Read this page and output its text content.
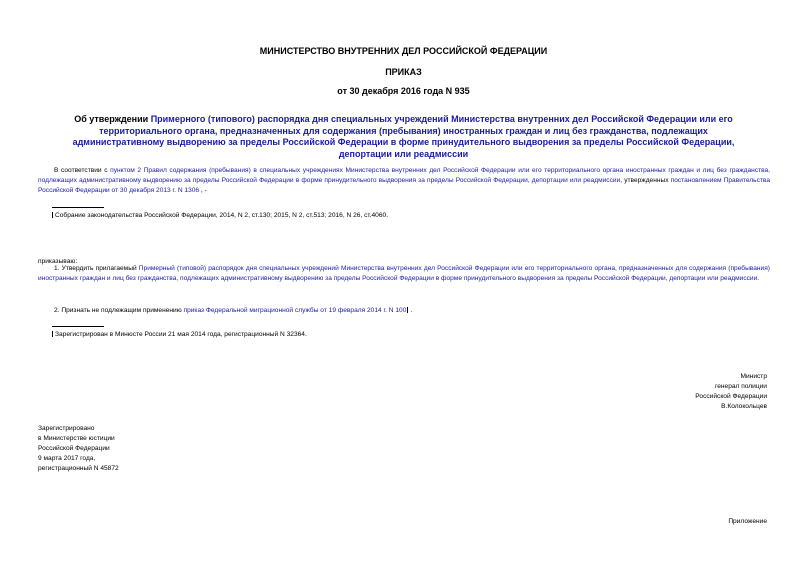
МИНИСТЕРСТВО ВНУТРЕННИХ ДЕЛ РОССИЙСКОЙ ФЕДЕРАЦИИ
ПРИКАЗ
от 30 декабря 2016 года N 935
Об утверждении Примерного (типового) распорядка дня специальных учреждений Министерства внутренних дел Российской Федерации или его территориального органа, предназначенных для содержания (пребывания) иностранных граждан и лиц без гражданства, подлежащих административному выдворению за пределы Российской Федерации в форме принудительного выдворения за пределы Российской Федерации, депортации или реадмиссии
В соответствии с пунктом 2 Правил содержания (пребывания) в специальных учреждениях Министерства внутренних дел Российской Федерации или его территориального органа иностранных граждан и лиц без гражданства, подлежащих административному выдворению за пределы Российской Федерации в форме принудительного выдворения за пределы Российской Федерации, депортации или реадмиссии, утвержденных постановлением Правительства Российской Федерации от 30 декабря 2013 г. N 1306 , -
Собрание законодательства Российской Федерации, 2014, N 2, ст.130; 2015, N 2, ст.513; 2016, N 26, ст.4060.
приказываю:
1. Утвердить прилагаемый Примерный (типовой) распорядок дня специальных учреждений Министерства внутренних дел Российской Федерации или его территориального органа, предназначенных для содержания (пребывания) иностранных граждан и лиц без гражданства, подлежащих административному выдворению за пределы Российской Федерации в форме принудительного выдворения за пределы Российской Федерации, депортации или реадмиссии.
2. Признать не подлежащим применению приказ Федеральной миграционной службы от 19 февраля 2014 г. N 100 .
Зарегистрирован в Минюсте России 21 мая 2014 года, регистрационный N 32364.
Министр
генерал полиции
Российской Федерации
В.Колокольцев
Зарегистрировано
в Министерстве юстиции
Российской Федерации
9 марта 2017 года,
регистрационный N 45872
Приложение
